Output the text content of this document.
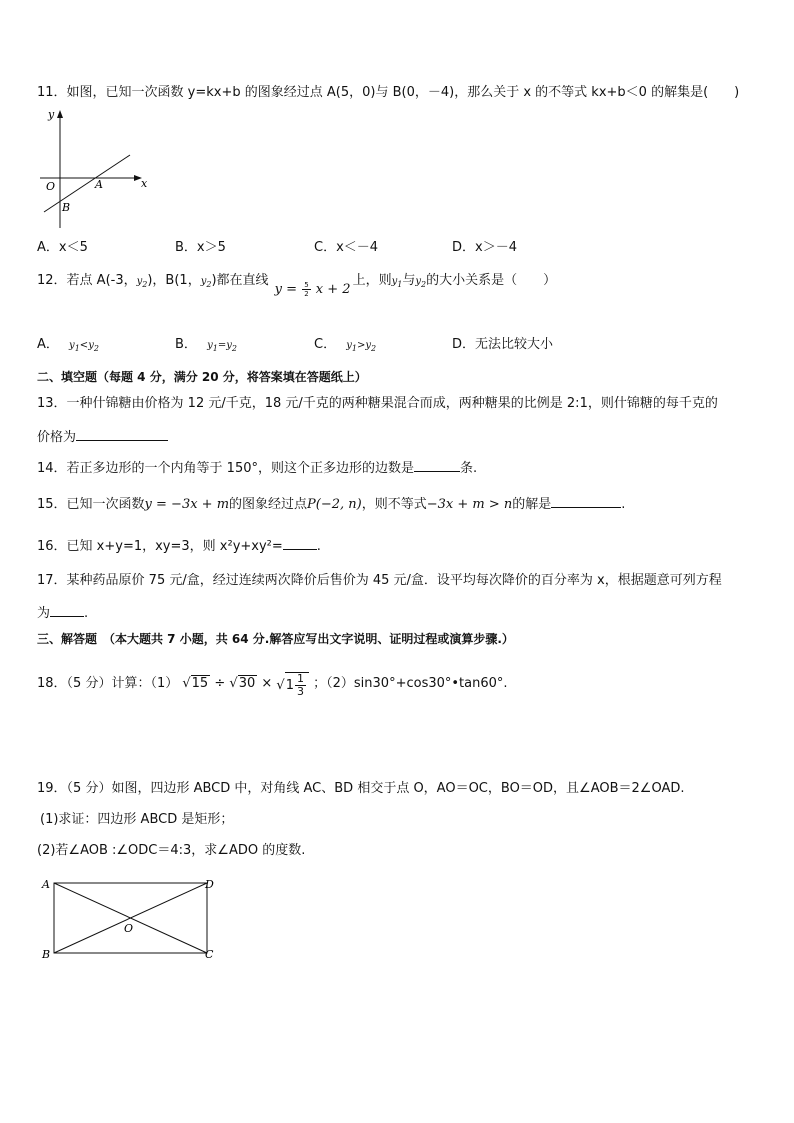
11．如图，已知一次函数 y=kx+b 的图象经过点 A(5，0)与 B(0，－4)，那么关于 x 的不等式 kx+b＜0 的解集是(　　)
y
x
O	A
B
A．x＜5	B．x＞5	C．x＜－4	D．x＞－4
12．若点 A(-3，$y_2$)，B(1，$y_2$)都在直线 $y = \frac{5}{2}$ x + 2上，则$y_1$与$y_2$的大小关系是（　　）
A． $y_1<y_2$	B． $y_1=y_2$	C． $y_1>y_2$	D．无法比较大小
二、填空题（每题 4 分，满分 20 分，将答案填在答题纸上）
13．一种什锦糖由价格为 12 元/千克，18 元/千克的两种糖果混合而成，两种糖果的比例是 2:1，则什锦糖的每千克的
价格为
14．若正多边形的一个内角等于 150°，则这个正多边形的边数是	条.
15．已知一次函数y = −3x + m的图象经过点P(−2, n)，则不等式−3x + m > n的解是	.
16．已知 x+y=1，xy=3，则 x²y+xy²=	.
17．某种药品原价 75 元/盒，经过连续两次降价后售价为 45 元/盒．设平均每次降价的百分率为 x，根据题意可列方程
为	.
三、解答题　（本大题共 7 小题，共 64 分.解答应写出文字说明、证明过程或演算步骤.）
18．（5 分）计算：（1） $√15 \div √30 \times √1 \frac{1}{3}$ ；（2）sin30°+cos30°•tan60°.
19．（5 分）如图，四边形 ABCD 中，对角线 AC、BD 相交于点 O，AO＝OC，BO＝OD，且∠AOB＝2∠OAD.
(1)求证：四边形 ABCD 是矩形；
(2)若∠AOB :∠ODC＝4:3，求∠ADO 的度数.
A
B	C
D
O
